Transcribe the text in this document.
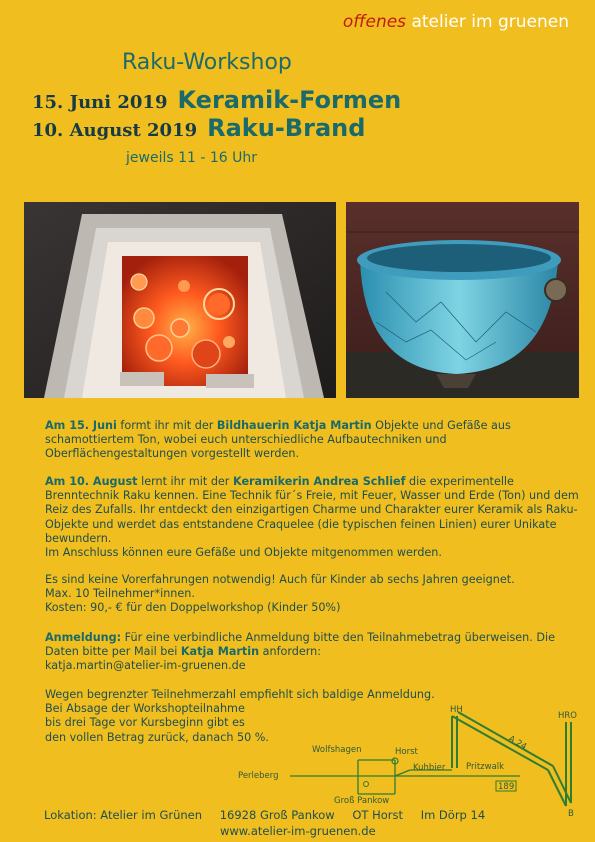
offenes atelier im gruenen
Raku-Workshop
15. Juni 2019 Keramik-Formen
10. August 2019 Raku-Brand
jeweils 11 - 16 Uhr

Am 15. Juni formt ihr mit der Bildhauerin Katja Martin Objekte und Gefäße aus schamottiertem Ton, wobei euch unterschiedliche Aufbautechniken und Oberflächengestaltungen vorgestellt werden.

Am 10. August lernt ihr mit der Keramikerin Andrea Schlief die experimentelle Brenntechnik Raku kennen. Eine Technik für´s Freie, mit Feuer, Wasser und Erde (Ton) und dem Reiz des Zufalls. Ihr entdeckt den einzigartigen Charme und Charakter eurer Keramik als Raku-Objekte und werdet das entstandene Craquelee (die typischen feinen Linien) eurer Unikate bewundern.

Im Anschluss können eure Gefäße und Objekte mitgenommen werden.

Es sind keine Vorerfahrungen notwendig! Auch für Kinder ab sechs Jahren geeignet.

Max. 10 Teilnehmer*innen.

Kosten: 90,- € für den Doppelworkshop (Kinder 50%)

Anmeldung: Für eine verbindliche Anmeldung bitte den Teilnahmebetrag überweisen. Die Daten bitte per Mail bei Katja Martin anfordern:

katja.martin@atelier-im-gruenen.de

Wegen begrenzter Teilnehmerzahl empfiehlt sich baldige Anmeldung.

Bei Absage der Workshopteilnahme

bis drei Tage vor Kursbeginn gibt es

den vollen Betrag zurück, danach 50 %.

189
HH
HRO
A 24
Wolfshagen	Horst
Kuhbier Pritzwalk
Perleberg
Groß Pankow
B
Lokation: Atelier im Grünen 16928 Groß Pankow OT Horst Im Dörp 14
www.atelier-im-gruenen.de
